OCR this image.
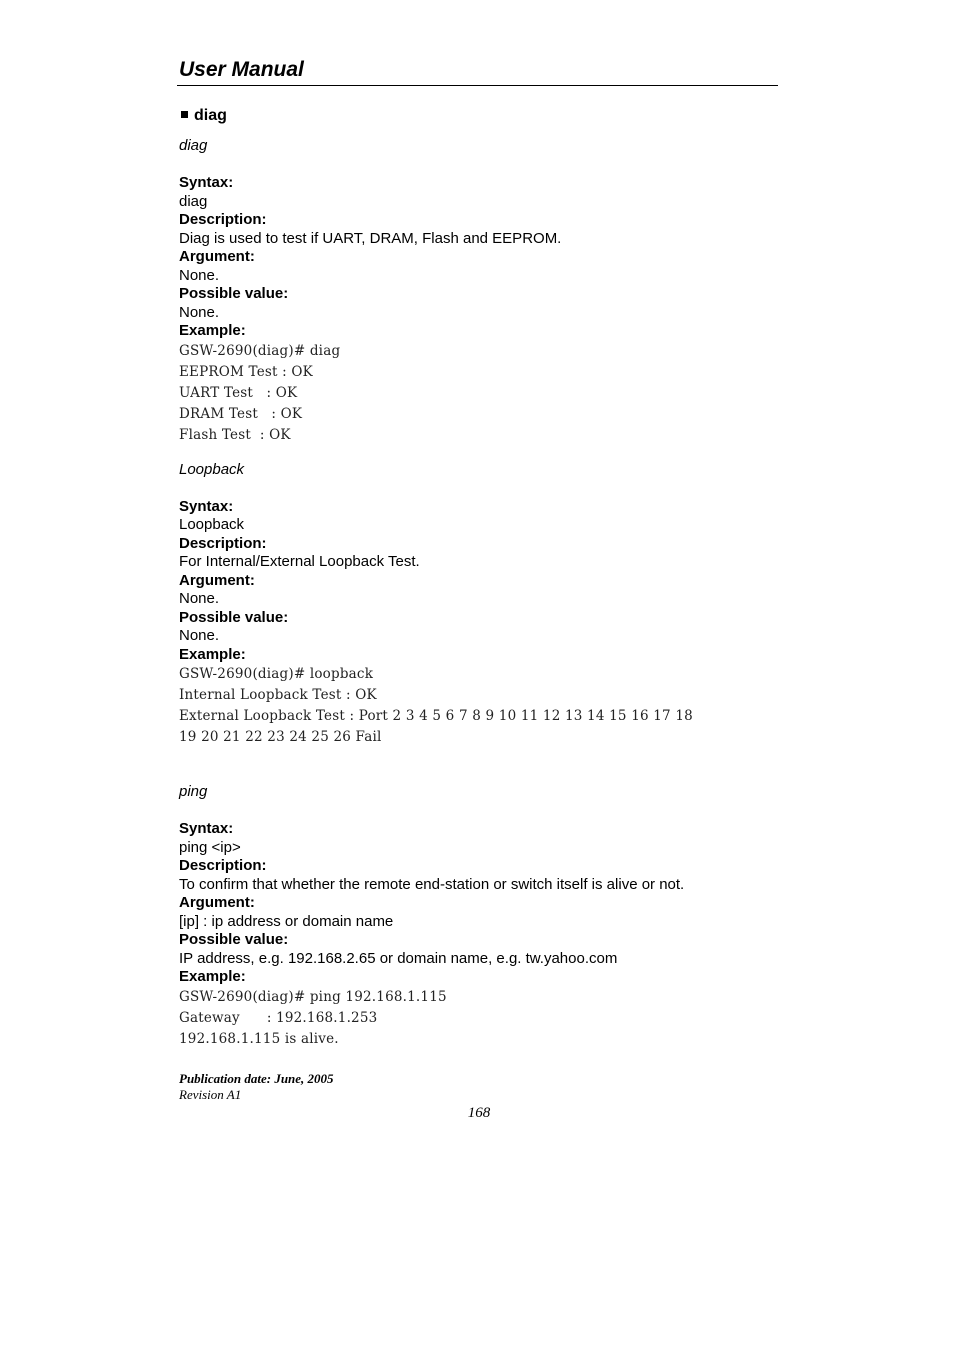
User Manual
diag
diag
Syntax:
diag
Description:
Diag is used to test if UART, DRAM, Flash and EEPROM.
Argument:
None.
Possible value:
None.
Example:
GSW-2690(diag)# diag
EEPROM Test : OK
UART Test   : OK
DRAM Test   : OK
Flash Test  : OK
Loopback
Syntax:
Loopback
Description:
For Internal/External Loopback Test.
Argument:
None.
Possible value:
None.
Example:
GSW-2690(diag)# loopback
Internal Loopback Test : OK
External Loopback Test : Port 2 3 4 5 6 7 8 9 10 11 12 13 14 15 16 17 18
19 20 21 22 23 24 25 26 Fail
ping
Syntax:
ping <ip>
Description:
To confirm that whether the remote end-station or switch itself is alive or not.
Argument:
[ip] : ip address or domain name
Possible value:
IP address, e.g. 192.168.2.65 or domain name, e.g. tw.yahoo.com
Example:
GSW-2690(diag)# ping 192.168.1.115
Gateway      : 192.168.1.253
192.168.1.115 is alive.
Publication date: June, 2005
Revision A1
168
